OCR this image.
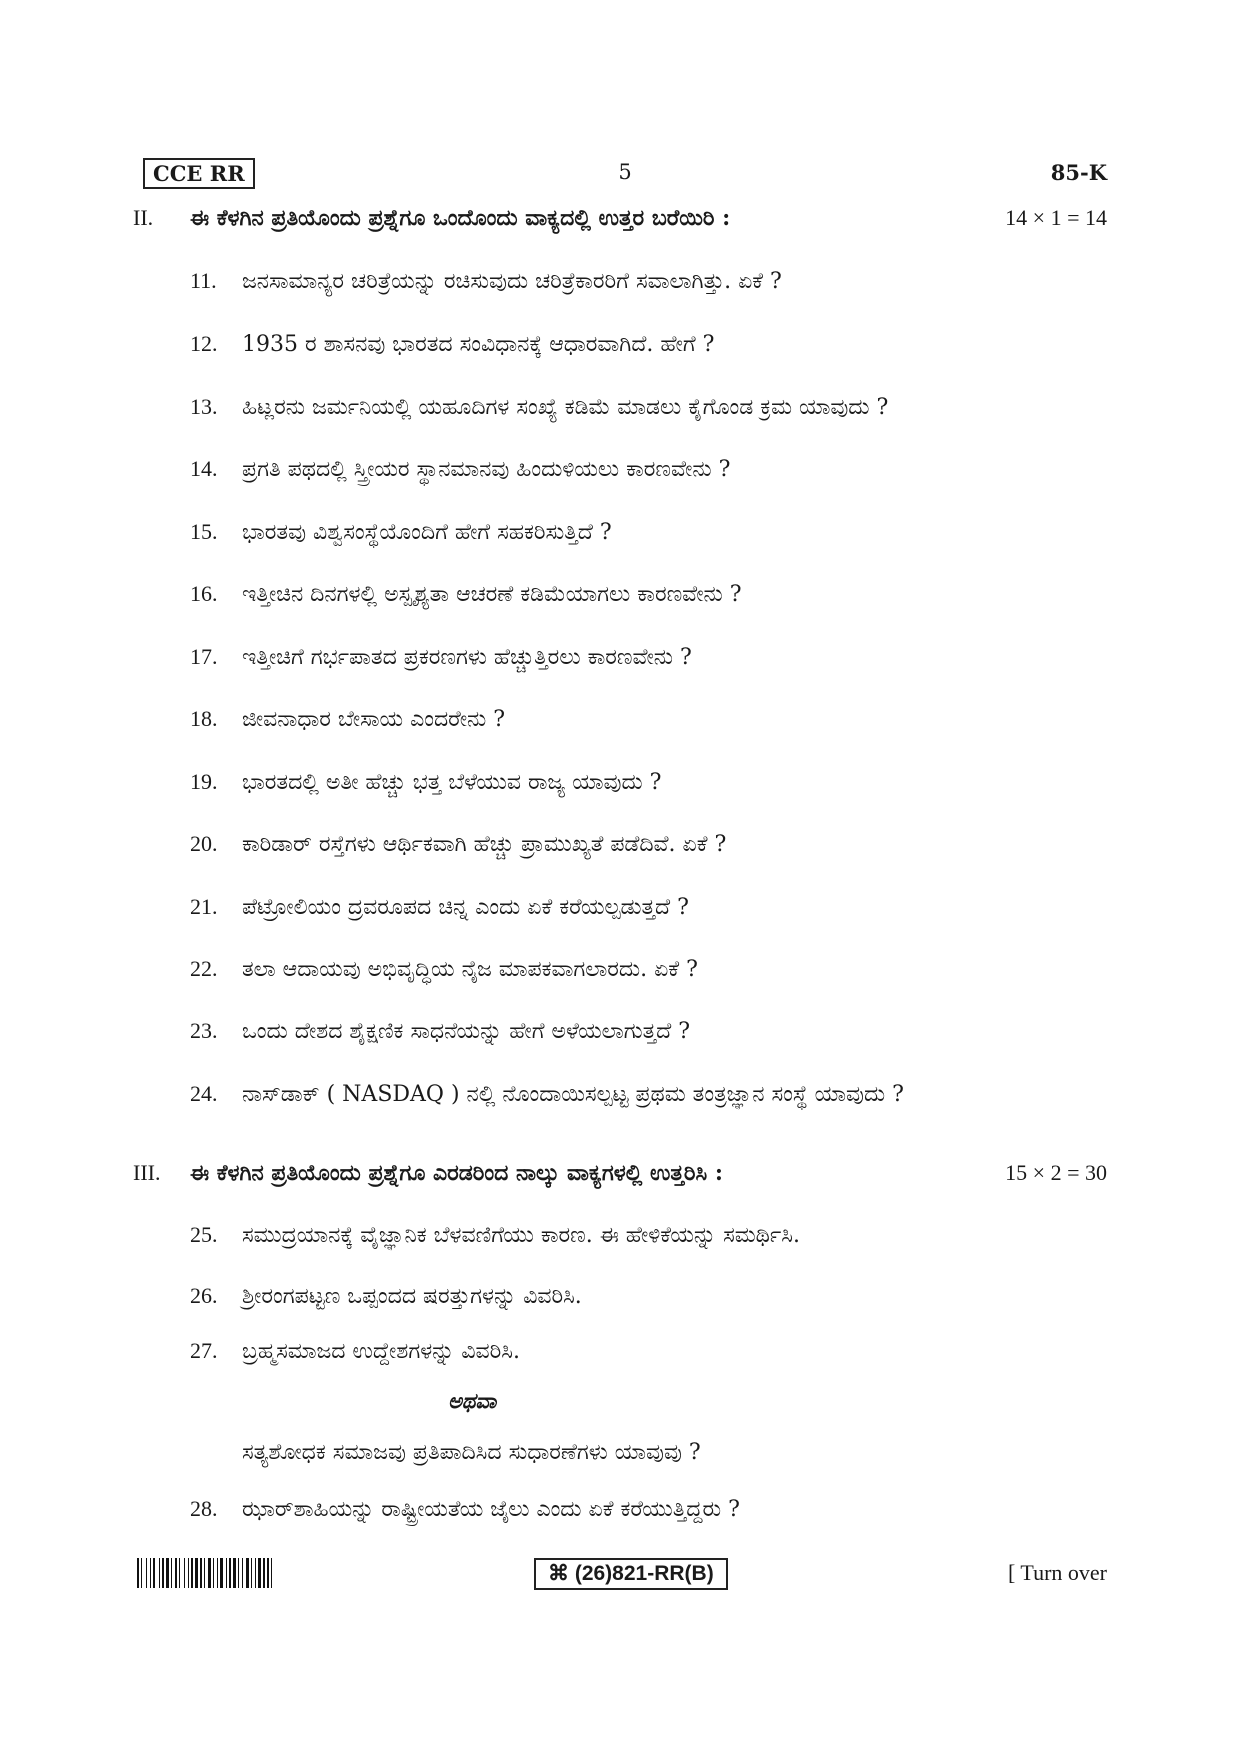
CCE RR	5	85-K
II. ಈ ಕೆಳಗಿನ ಪ್ರತಿಯೊಂದು ಪ್ರಶ್ನೆಗೂ ಒಂದೊಂದು ವಾಕ್ಯದಲ್ಲಿ ಉತ್ತರ ಬರೆಯಿರಿ :	14 × 1 = 14
11. ಜನಸಾಮಾನ್ಯರ ಚರಿತ್ರೆಯನ್ನು ರಚಿಸುವುದು ಚರಿತ್ರೆಕಾರರಿಗೆ ಸವಾಲಾಗಿತ್ತು. ಏಕೆ ?
12. 1935 ರ ಶಾಸನವು ಭಾರತದ ಸಂವಿಧಾನಕ್ಕೆ ಆಧಾರವಾಗಿದೆ. ಹೇಗೆ ?
13. ಹಿಟ್ಲರನು ಜರ್ಮನಿಯಲ್ಲಿ ಯಹೂದಿಗಳ ಸಂಖ್ಯೆ ಕಡಿಮೆ ಮಾಡಲು ಕೈಗೊಂಡ ಕ್ರಮ ಯಾವುದು ?
14. ಪ್ರಗತಿ ಪಥದಲ್ಲಿ ಸ್ತ್ರೀಯರ ಸ್ಥಾನಮಾನವು ಹಿಂದುಳಿಯಲು ಕಾರಣವೇನು ?
15. ಭಾರತವು ವಿಶ್ವಸಂಸ್ಥೆಯೊಂದಿಗೆ ಹೇಗೆ ಸಹಕರಿಸುತ್ತಿದೆ ?
16. ಇತ್ತೀಚಿನ ದಿನಗಳಲ್ಲಿ ಅಸ್ಪೃಶ್ಯತಾ ಆಚರಣೆ ಕಡಿಮೆಯಾಗಲು ಕಾರಣವೇನು ?
17. ಇತ್ತೀಚಿಗೆ ಗರ್ಭಪಾತದ ಪ್ರಕರಣಗಳು ಹೆಚ್ಚುತ್ತಿರಲು ಕಾರಣವೇನು ?
18. ಜೀವನಾಧಾರ ಬೇಸಾಯ ಎಂದರೇನು ?
19. ಭಾರತದಲ್ಲಿ ಅತೀ ಹೆಚ್ಚು ಭತ್ತ ಬೆಳೆಯುವ ರಾಜ್ಯ ಯಾವುದು ?
20. ಕಾರಿಡಾರ್ ರಸ್ತೆಗಳು ಆರ್ಥಿಕವಾಗಿ ಹೆಚ್ಚು ಪ್ರಾಮುಖ್ಯತೆ ಪಡೆದಿವೆ. ಏಕೆ ?
21. ಪೆಟ್ರೋಲಿಯಂ ದ್ರವರೂಪದ ಚಿನ್ನ ಎಂದು ಏಕೆ ಕರೆಯಲ್ಪಡುತ್ತದೆ ?
22. ತಲಾ ಆದಾಯವು ಅಭಿವೃದ್ಧಿಯ ನೈಜ ಮಾಪಕವಾಗಲಾರದು. ಏಕೆ ?
23. ಒಂದು ದೇಶದ ಶೈಕ್ಷಣಿಕ ಸಾಧನೆಯನ್ನು ಹೇಗೆ ಅಳೆಯಲಾಗುತ್ತದೆ ?
24. ನಾಸ್‌ಡಾಕ್ ( NASDAQ ) ನಲ್ಲಿ ನೊಂದಾಯಿಸಲ್ಪಟ್ಟ ಪ್ರಥಮ ತಂತ್ರಜ್ಞಾನ ಸಂಸ್ಥೆ ಯಾವುದು ?
III. ಈ ಕೆಳಗಿನ ಪ್ರತಿಯೊಂದು ಪ್ರಶ್ನೆಗೂ ಎರಡರಿಂದ ನಾಲ್ಕು ವಾಕ್ಯಗಳಲ್ಲಿ ಉತ್ತರಿಸಿ :	15 × 2 = 30
25. ಸಮುದ್ರಯಾನಕ್ಕೆ ವೈಜ್ಞಾನಿಕ ಬೆಳವಣಿಗೆಯು ಕಾರಣ. ಈ ಹೇಳಿಕೆಯನ್ನು ಸಮರ್ಥಿಸಿ.
26. ಶ್ರೀರಂಗಪಟ್ಟಣ ಒಪ್ಪಂದದ ಷರತ್ತುಗಳನ್ನು ವಿವರಿಸಿ.
27. ಬ್ರಹ್ಮಸಮಾಜದ ಉದ್ದೇಶಗಳನ್ನು ವಿವರಿಸಿ.
ಅಥವಾ
ಸತ್ಯಶೋಧಕ ಸಮಾಜವು ಪ್ರತಿಪಾದಿಸಿದ ಸುಧಾರಣೆಗಳು ಯಾವುವು ?
28. ಝಾರ್‌ಶಾಹಿಯನ್ನು ರಾಷ್ಟ್ರೀಯತೆಯ ಜೈಲು ಎಂದು ಏಕೆ ಕರೆಯುತ್ತಿದ್ದರು ?
⌘ (26)821-RR(B)	[ Turn over
